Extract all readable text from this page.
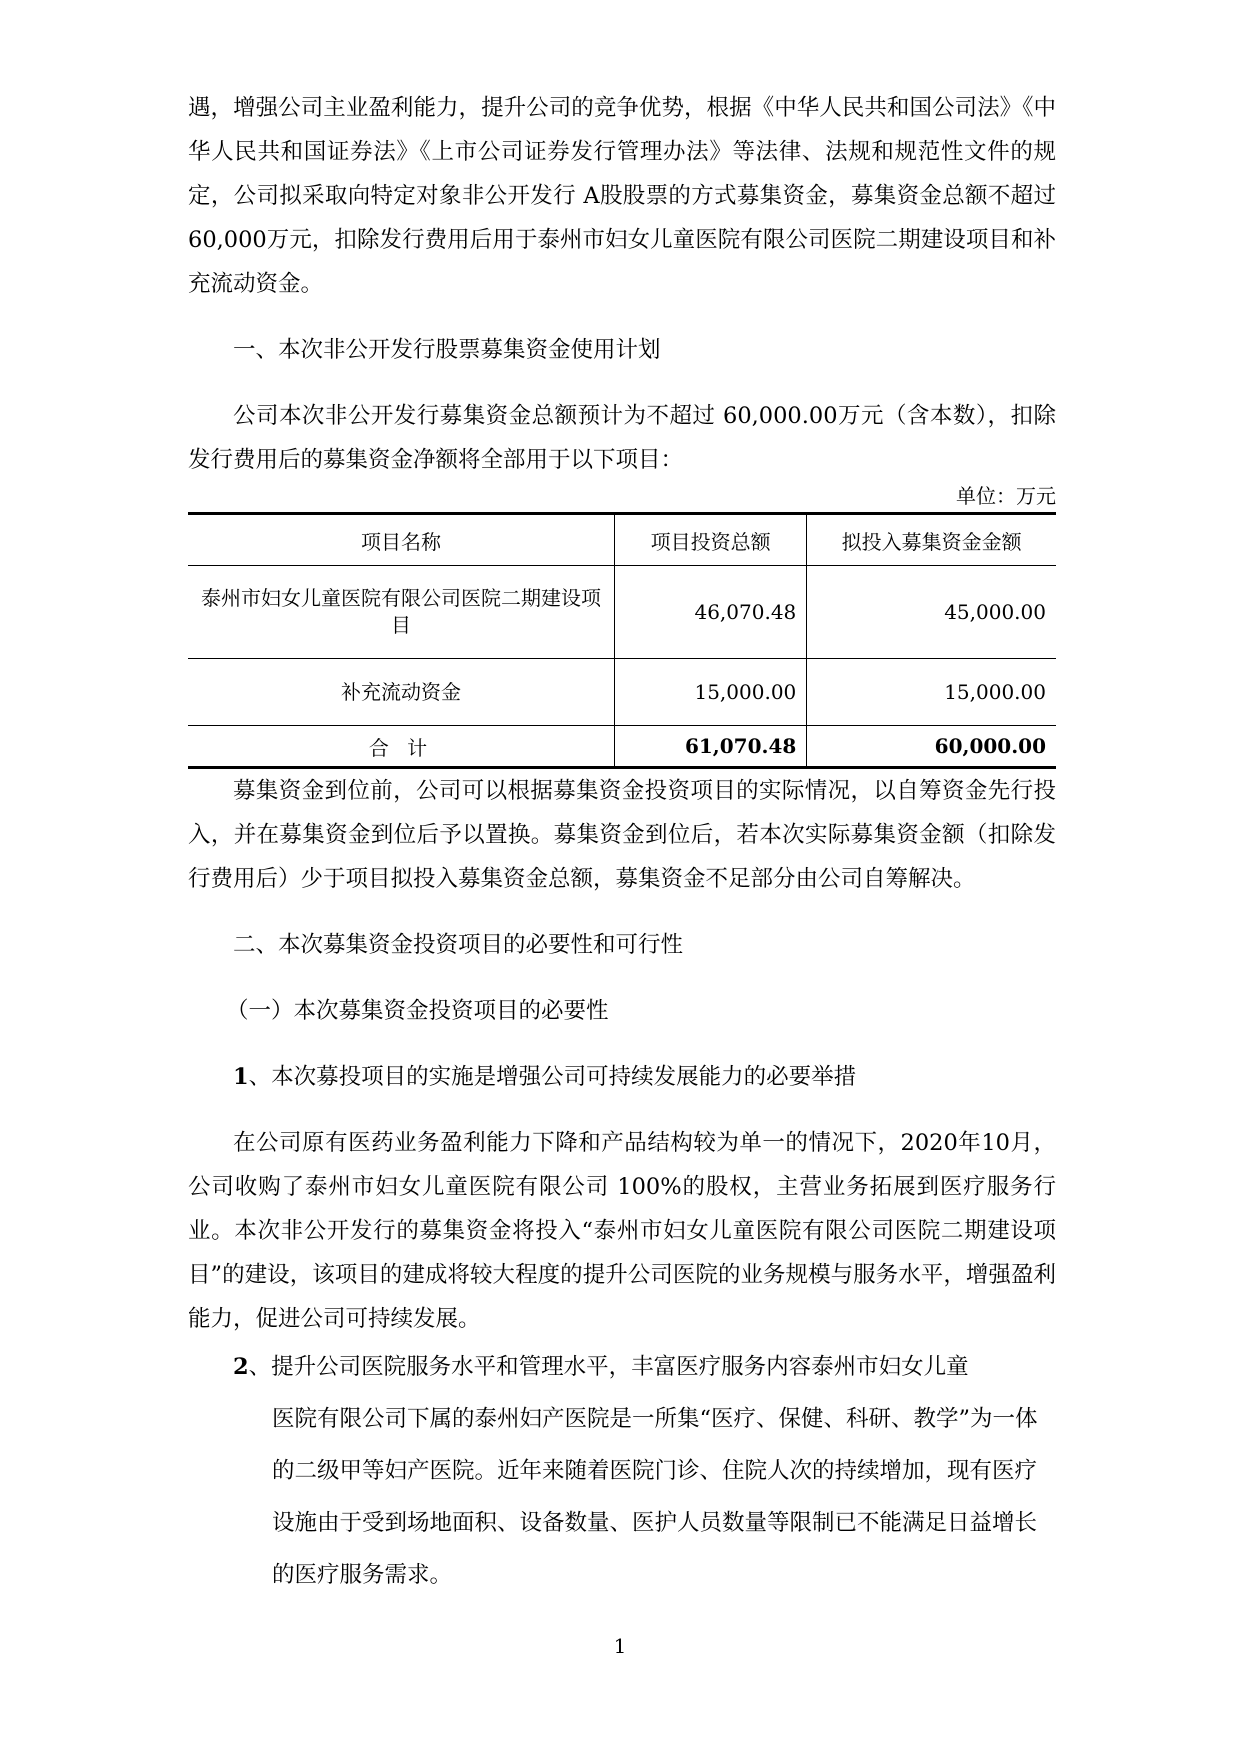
遇，增强公司主业盈利能力，提升公司的竞争优势，根据《中华人民共和国公司法》《中华人民共和国证券法》《上市公司证券发行管理办法》等法律、法规和规范性文件的规定，公司拟采取向特定对象非公开发行 A股股票的方式募集资金，募集资金总额不超过 60,000万元，扣除发行费用后用于泰州市妇女儿童医院有限公司医院二期建设项目和补充流动资金。

一、本次非公开发行股票募集资金使用计划

公司本次非公开发行募集资金总额预计为不超过 60,000.00万元（含本数），扣除发行费用后的募集资金净额将全部用于以下项目：

单位：万元

项目名称	项目投资总额	拟投入募集资金金额
泰州市妇女儿童医院有限公司医院二期建设项目	46,070.48	45,000.00
补充流动资金	15,000.00	15,000.00
合 计	61,070.48	60,000.00

募集资金到位前，公司可以根据募集资金投资项目的实际情况，以自筹资金先行投入，并在募集资金到位后予以置换。募集资金到位后，若本次实际募集资金额（扣除发行费用后）少于项目拟投入募集资金总额，募集资金不足部分由公司自筹解决。

二、本次募集资金投资项目的必要性和可行性

（一）本次募集资金投资项目的必要性

1、本次募投项目的实施是增强公司可持续发展能力的必要举措

在公司原有医药业务盈利能力下降和产品结构较为单一的情况下，2020年10月，公司收购了泰州市妇女儿童医院有限公司 100%的股权，主营业务拓展到医疗服务行业。本次非公开发行的募集资金将投入“泰州市妇女儿童医院有限公司医院二期建设项目”的建设，该项目的建成将较大程度的提升公司医院的业务规模与服务水平，增强盈利能力，促进公司可持续发展。

2、提升公司医院服务水平和管理水平，丰富医疗服务内容泰州市妇女儿童

医院有限公司下属的泰州妇产医院是一所集“医疗、保健、科研、教学”为一体的二级甲等妇产医院。近年来随着医院门诊、住院人次的持续增加，现有医疗设施由于受到场地面积、设备数量、医护人员数量等限制已不能满足日益增长的医疗服务需求。

1
